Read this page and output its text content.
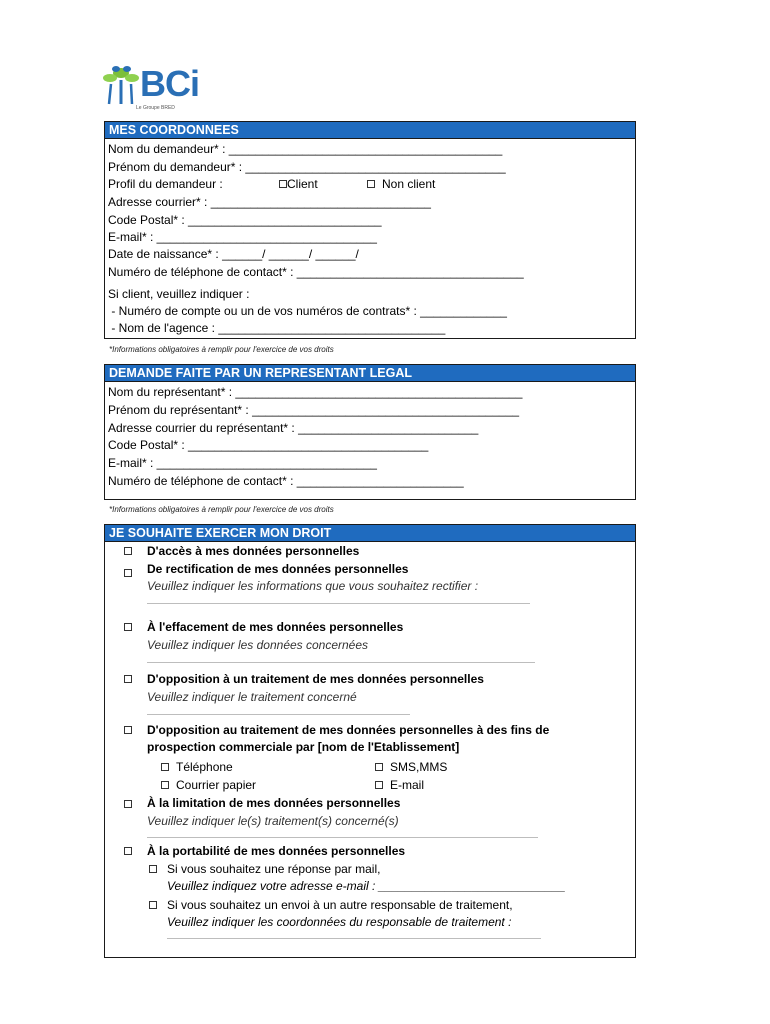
BCi
Le Groupe BRED
MES COORDONNEES
Nom du demandeur* : _________________________________________
Prénom du demandeur* : _______________________________________
Profil du demandeur :	Client	Non client
Adresse courrier* : _________________________________
Code Postal* : _____________________________
E-mail* : _________________________________
Date de naissance* : ______/ ______/ ______/
Numéro de téléphone de contact* : __________________________________
Si client, veuillez indiquer :
- Numéro de compte ou un de vos numéros de contrats* : _____________
- Nom de l'agence : __________________________________
*Informations obligatoires à remplir pour l'exercice de vos droits
DEMANDE FAITE PAR UN REPRESENTANT LEGAL
Nom du représentant* : ___________________________________________
Prénom du représentant* : ________________________________________
Adresse courrier du représentant* : ___________________________
Code Postal* : ____________________________________
E-mail* : _________________________________
Numéro de téléphone de contact* : _________________________
*Informations obligatoires à remplir pour l'exercice de vos droits
JE SOUHAITE EXERCER MON DROIT
D'accès à mes données personnelles
De rectification de mes données personnelles
Veuillez indiquer les informations que vous souhaitez rectifier :
À l'effacement de mes données personnelles
Veuillez indiquer les données concernées
D'opposition à un traitement de mes données personnelles
Veuillez indiquer le traitement concerné
D'opposition au traitement de mes données personnelles à des fins de
prospection commerciale par [nom de l'Etablissement]
Téléphone	SMS,MMS
Courrier papier	E-mail
À la limitation de mes données personnelles
Veuillez indiquer le(s) traitement(s) concerné(s)
À la portabilité de mes données personnelles
Si vous souhaitez une réponse par mail,
Veuillez indiquez votre adresse e-mail : ____________________________
Si vous souhaitez un envoi à un autre responsable de traitement,
Veuillez indiquer les coordonnées du responsable de traitement :
